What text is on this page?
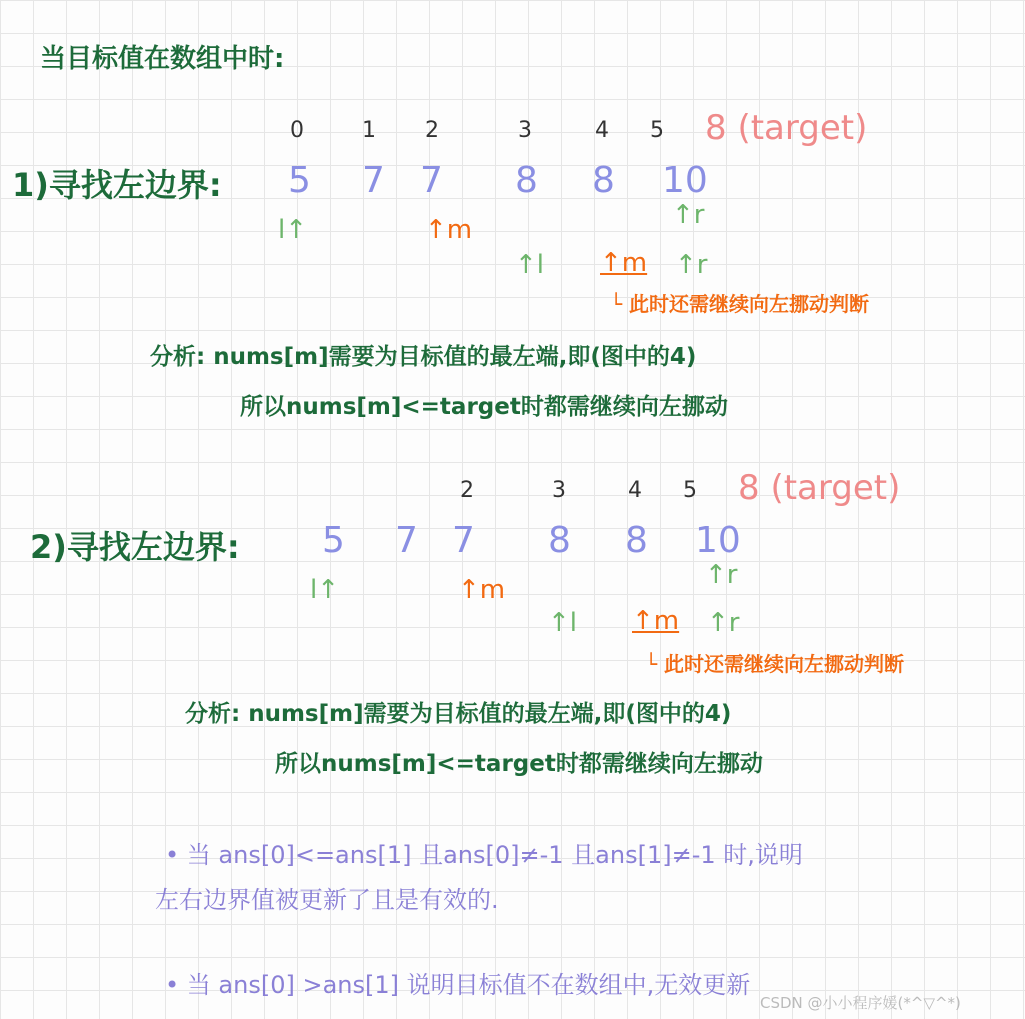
当目标值在数组中时:
1)寻找左边界:
0	1 2	3	4 5 8 (target)
5 7 7 8 8 10
l↑	↑m	↑r
↑l ↑m ↑r
└ 此时还需继续向左挪动判断
分析: nums[m]需要为目标值的最左端,即(图中的4)
所以nums[m]<=target时都需继续向左挪动
2)寻找左边界:
2	3	4 5 8 (target)
5 7 7 8 8 10
l↑	↑m	↑r
↑l ↑m ↑r
└ 此时还需继续向左挪动判断
分析: nums[m]需要为目标值的最左端,即(图中的4)
所以nums[m]<=target时都需继续向左挪动
• 当 ans[0]<=ans[1] 且ans[0]≠-1 且ans[1]≠-1 时,说明
左右边界值被更新了且是有效的.
• 当 ans[0] >ans[1] 说明目标值不在数组中,无效更新
CSDN @小小程序媛(*^▽^*)
